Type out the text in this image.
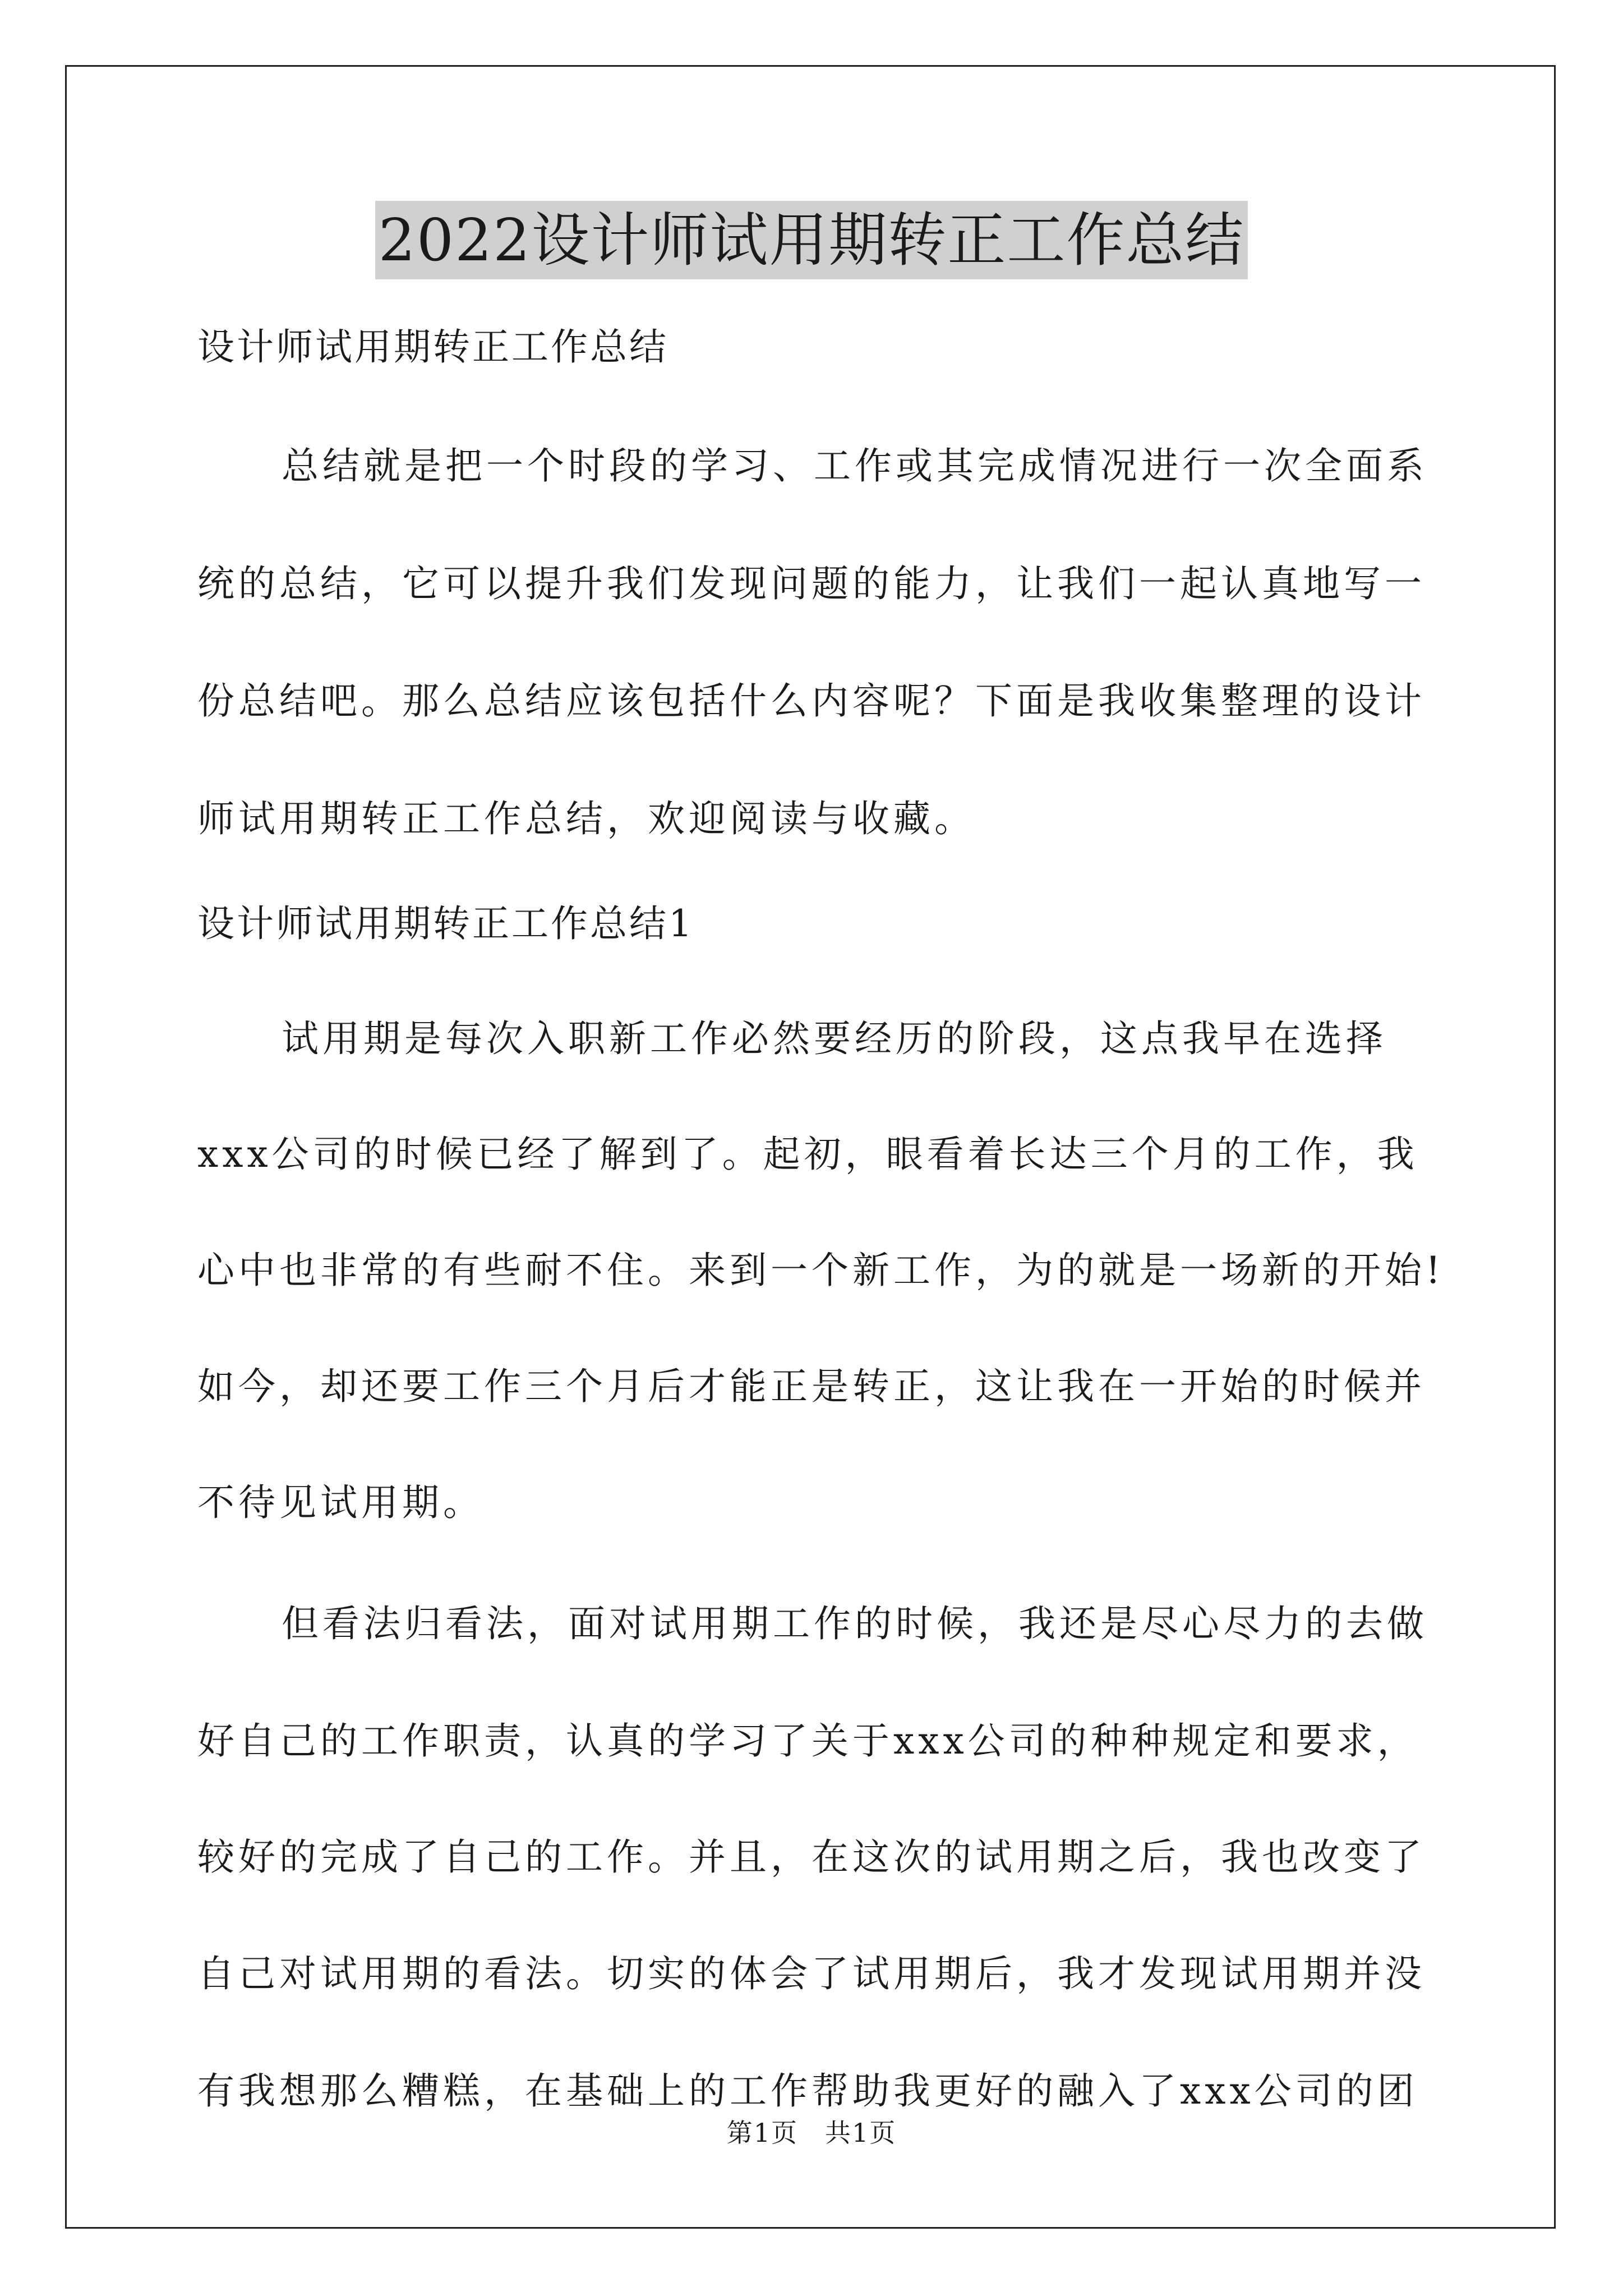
2022设计师试用期转正工作总结
设计师试用期转正工作总结
总结就是把一个时段的学习、工作或其完成情况进行一次全面系
统的总结，它可以提升我们发现问题的能力，让我们一起认真地写一
份总结吧。那么总结应该包括什么内容呢？下面是我收集整理的设计
师试用期转正工作总结，欢迎阅读与收藏。
设计师试用期转正工作总结1
试用期是每次入职新工作必然要经历的阶段，这点我早在选择
xxx公司的时候已经了解到了。起初，眼看着长达三个月的工作，我
心中也非常的有些耐不住。来到一个新工作，为的就是一场新的开始!
如今，却还要工作三个月后才能正是转正，这让我在一开始的时候并
不待见试用期。
但看法归看法，面对试用期工作的时候，我还是尽心尽力的去做
好自己的工作职责，认真的学习了关于xxx公司的种种规定和要求，
较好的完成了自己的工作。并且，在这次的试用期之后，我也改变了
自己对试用期的看法。切实的体会了试用期后，我才发现试用期并没
有我想那么糟糕，在基础上的工作帮助我更好的融入了xxx公司的团
第1页　共1页
